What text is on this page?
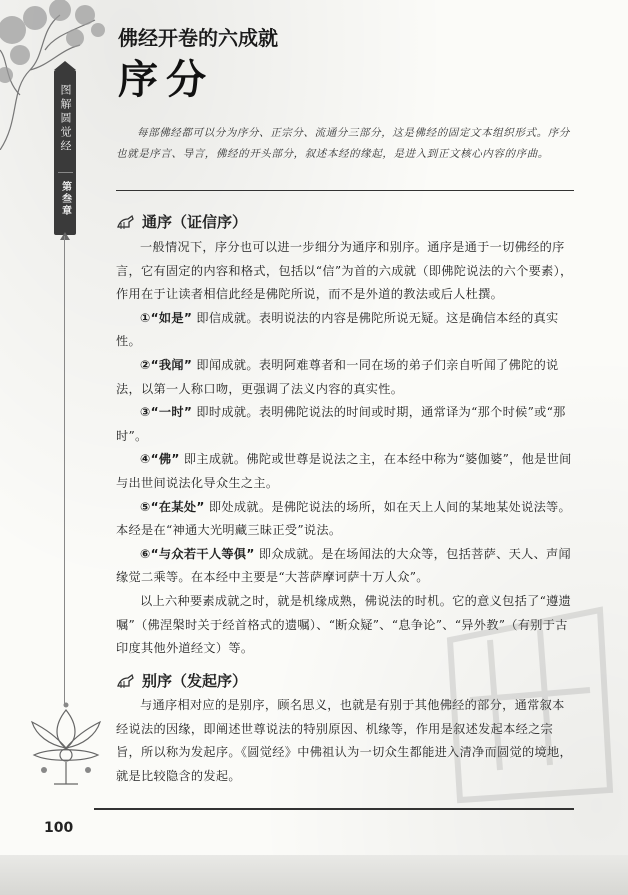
图解圆觉经
第叁章
佛经开卷的六成就
序分
每部佛经都可以分为序分、正宗分、流通分三部分，这是佛经的固定文本组织形式。序分也就是序言、导言，佛经的开头部分，叙述本经的缘起，是进入到正文核心内容的序曲。
通序（证信序）

一般情况下，序分也可以进一步细分为通序和别序。通序是通于一切佛经的序言，它有固定的内容和格式，包括以“信”为首的六成就（即佛陀说法的六个要素），作用在于让读者相信此经是佛陀所说，而不是外道的教法或后人杜撰。

①“如是” 即信成就。表明说法的内容是佛陀所说无疑。这是确信本经的真实性。

②“我闻” 即闻成就。表明阿难尊者和一同在场的弟子们亲自听闻了佛陀的说法，以第一人称口吻，更强调了法义内容的真实性。

③“一时” 即时成就。表明佛陀说法的时间或时期，通常译为“那个时候”或“那时”。

④“佛” 即主成就。佛陀或世尊是说法之主，在本经中称为“婆伽婆”，他是世间与出世间说法化导众生之主。

⑤“在某处” 即处成就。是佛陀说法的场所，如在天上人间的某地某处说法等。本经是在“神通大光明藏三昧正受”说法。

⑥“与众若干人等俱” 即众成就。是在场闻法的大众等，包括菩萨、天人、声闻缘觉二乘等。在本经中主要是“大菩萨摩诃萨十万人众”。

以上六种要素成就之时，就是机缘成熟，佛说法的时机。它的意义包括了“遵遗嘱”（佛涅槃时关于经首格式的遗嘱）、“断众疑”、“息争论”、“异外教”（有别于古印度其他外道经文）等。

别序（发起序）

与通序相对应的是别序，顾名思义，也就是有别于其他佛经的部分，通常叙本经说法的因缘，即阐述世尊说法的特别原因、机缘等，作用是叙述发起本经之宗旨，所以称为发起序。《圆觉经》中佛祖认为一切众生都能进入清净而圆觉的境地，就是比较隐含的发起。

100
